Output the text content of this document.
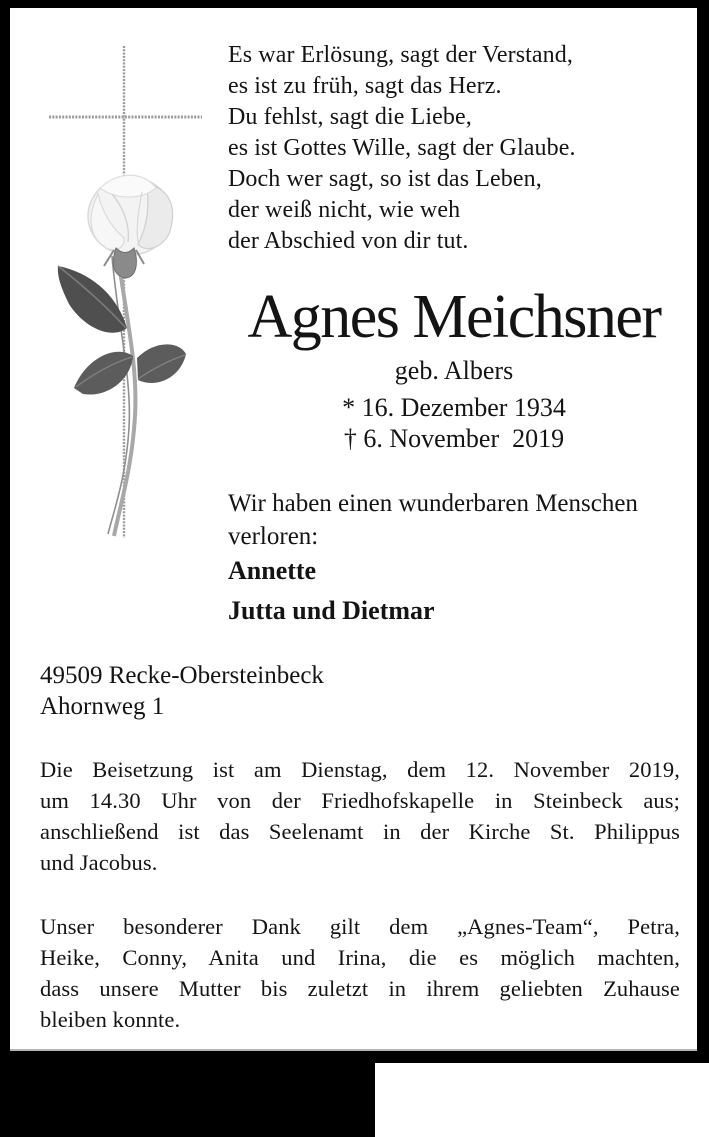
Es war Erlösung, sagt der Verstand,
es ist zu früh, sagt das Herz.
Du fehlst, sagt die Liebe,
es ist Gottes Wille, sagt der Glaube.
Doch wer sagt, so ist das Leben,
der weiß nicht, wie weh
der Abschied von dir tut.
Agnes Meichsner
geb. Albers
* 16. Dezember 1934
† 6. November  2019
Wir haben einen wunderbaren Menschen
verloren:
Annette
Jutta und Dietmar
49509 Recke-Obersteinbeck
Ahornweg 1
Die Beisetzung ist am Dienstag, dem 12. November 2019,
um 14.30 Uhr von der Friedhofskapelle in Steinbeck aus;
anschließend ist das Seelenamt in der Kirche St. Philippus
und Jacobus.
Unser besonderer Dank gilt dem „Agnes-Team“, Petra,
Heike, Conny, Anita und Irina, die es möglich machten,
dass unsere Mutter bis zuletzt in ihrem geliebten Zuhause
bleiben konnte.
